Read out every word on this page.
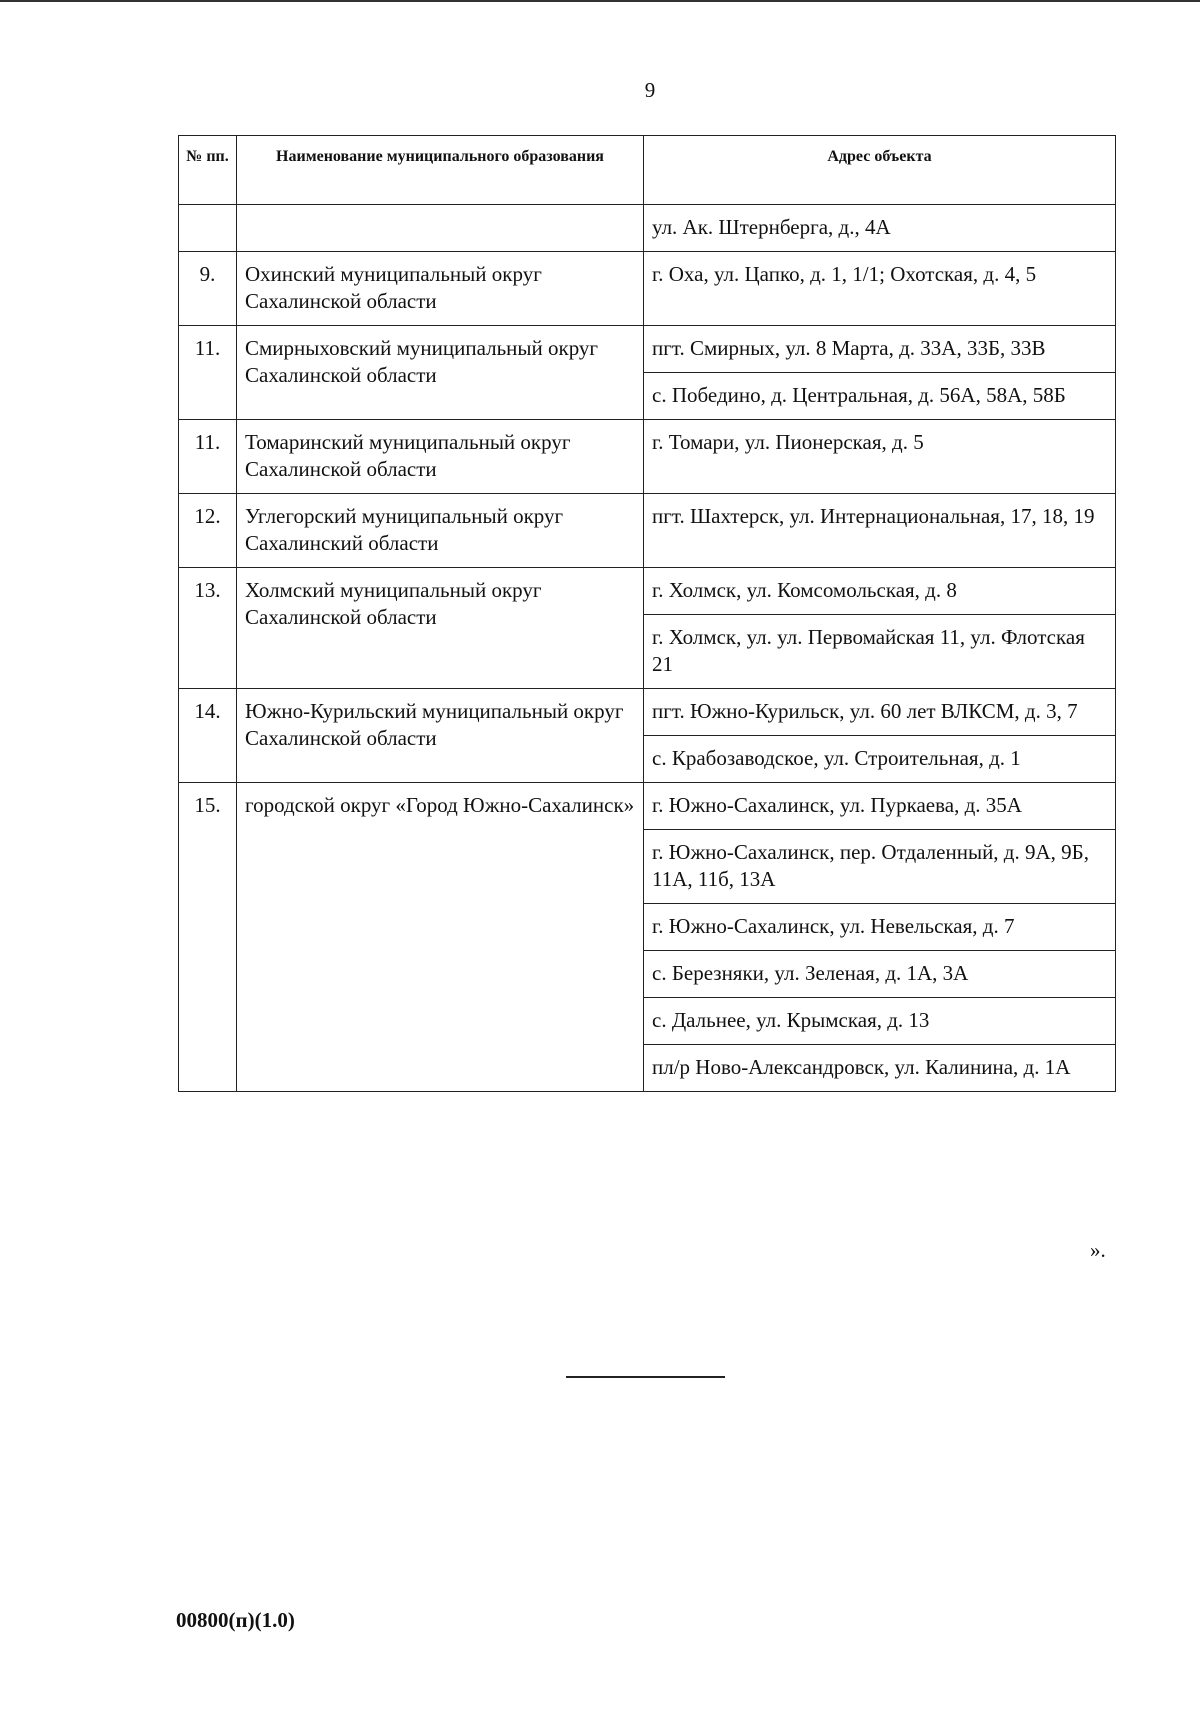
9
№ пп.	Наименование муниципального образования	Адрес объекта
		ул. Ак. Штернберга, д., 4А
9.	Охинский муниципальный округ Сахалинской области	г. Оха, ул. Цапко, д. 1, 1/1; Охотская, д. 4, 5
11.	Смирныховский муниципальный округ Сахалинской области	пгт. Смирных, ул. 8 Марта, д. 33А, 33Б, 33В
		с. Победино, д. Центральная, д. 56А, 58А, 58Б
11.	Томаринский муниципальный округ Сахалинской области	г. Томари, ул. Пионерская, д. 5
12.	Углегорский муниципальный округ Сахалинский области	пгт. Шахтерск, ул. Интернациональная, 17, 18, 19
13.	Холмский муниципальный округ Сахалинской области	г. Холмск, ул. Комсомольская, д. 8
		г. Холмск, ул. ул. Первомайская 11, ул. Флотская 21
14.	Южно-Курильский муниципальный округ Сахалинской области	пгт. Южно-Курильск, ул. 60 лет ВЛКСМ, д. 3, 7
		с. Крабозаводское, ул. Строительная, д. 1
15.	городской округ «Город Южно-Сахалинск»	г. Южно-Сахалинск, ул. Пуркаева, д. 35А
		г. Южно-Сахалинск, пер. Отдаленный, д. 9А, 9Б, 11А, 11б, 13А
		г. Южно-Сахалинск, ул. Невельская, д. 7
		с. Березняки, ул. Зеленая, д. 1А, 3А
		с. Дальнее, ул. Крымская, д. 13
		пл/р Ново-Александровск, ул. Калинина, д. 1А
».
00800(п)(1.0)
